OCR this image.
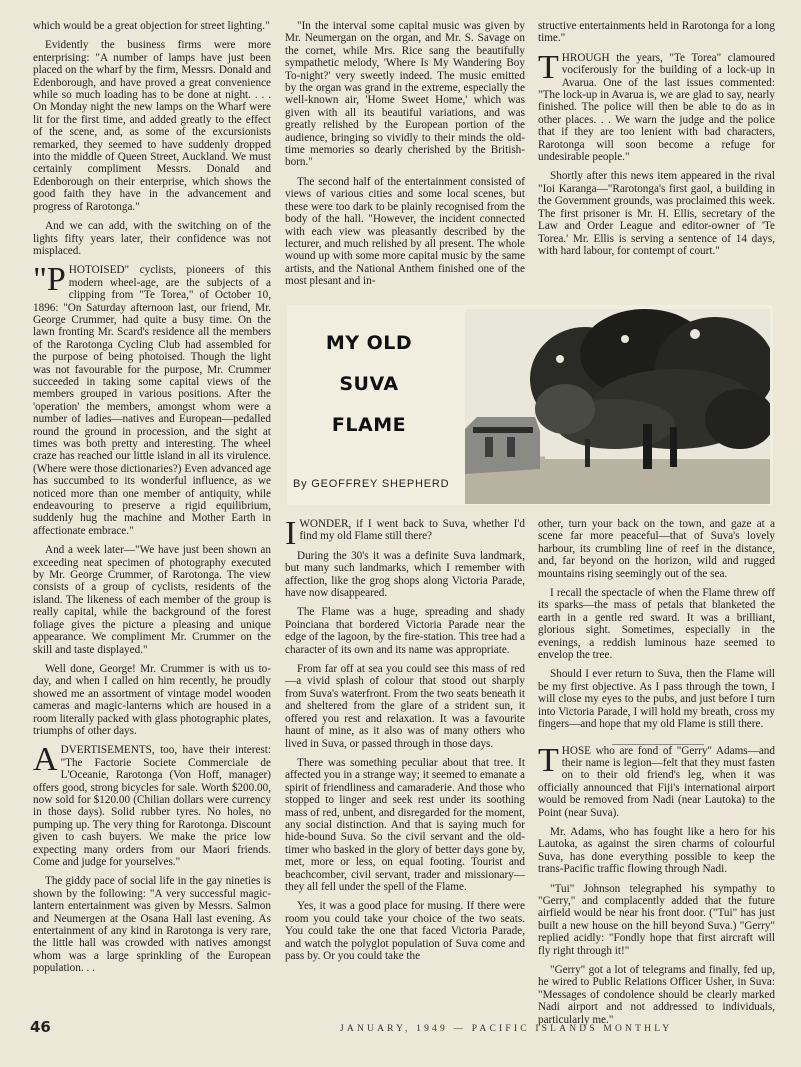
which would be a great objection for street lighting."

Evidently the business firms were more enterprising: "A number of lamps have just been placed on the wharf by the firm, Messrs. Donald and Edenborough, and have proved a great convenience while so much loading has to be done at night. . . . On Monday night the new lamps on the Wharf were lit for the first time, and added greatly to the effect of the scene, and, as some of the excursionists remarked, they seemed to have suddenly dropped into the middle of Queen Street, Auckland. We must certainly compliment Messrs. Donald and Edenborough on their enterprise, which shows the good faith they have in the advancement and progress of Rarotonga."

And we can add, with the switching on of the lights fifty years later, their confidence was not misplaced.

"PHOTOISED" cyclists, pioneers of this modern wheel-age, are the subjects of a clipping from "Te Torea," of October 10, 1896: "On Saturday afternoon last, our friend, Mr. George Crummer, had quite a busy time. On the lawn fronting Mr. Scard's residence all the members of the Rarotonga Cycling Club had assembled for the purpose of being photoised. Though the light was not favourable for the purpose, Mr. Crummer succeeded in taking some capital views of the members grouped in various positions. After the 'operation' the members, amongst whom were a number of ladies—natives and European—pedalled round the ground in procession, and the sight at times was both pretty and interesting. The wheel craze has reached our little island in all its virulence. (Where were those dictionaries?) Even advanced age has succumbed to its wonderful influence, as we noticed more than one member of antiquity, while endeavouring to preserve a rigid equilibrium, suddenly hug the machine and Mother Earth in affectionate embrace."

And a week later—"We have just been shown an exceeding neat specimen of photography executed by Mr. George Crummer, of Rarotonga. The view consists of a group of cyclists, residents of the island. The likeness of each member of the group is really capital, while the background of the forest foliage gives the picture a pleasing and unique appearance. We compliment Mr. Crummer on the skill and taste displayed."

Well done, George! Mr. Crummer is with us to-day, and when I called on him recently, he proudly showed me an assortment of vintage model wooden cameras and magic-lanterns which are housed in a room literally packed with glass photographic plates, triumphs of other days.

ADVERTISEMENTS, too, have their interest: "The Factorie Societe Commerciale de L'Oceanie, Rarotonga (Von Hoff, manager) offers good, strong bicycles for sale. Worth $200.00, now sold for $120.00 (Chilian dollars were currency in those days). Solid rubber tyres. No holes, no pumping up. The very thing for Rarotonga. Discount given to cash buyers. We make the price low expecting many orders from our Maori friends. Come and judge for yourselves."

The giddy pace of social life in the gay nineties is shown by the following: "A very successful magic-lantern entertainment was given by Messrs. Salmon and Neumergen at the Osana Hall last evening. As entertainment of any kind in Rarotonga is very rare, the little hall was crowded with natives amongst whom was a large sprinkling of the European population. . .

"In the interval some capital music was given by Mr. Neumergan on the organ, and Mr. S. Savage on the cornet, while Mrs. Rice sang the beautifully sympathetic melody, 'Where Is My Wandering Boy To-night?' very sweetly indeed. The music emitted by the organ was grand in the extreme, especially the well-known air, 'Home Sweet Home,' which was given with all its beautiful variations, and was greatly relished by the European portion of the audience, bringing so vividly to their minds the old-time memories so dearly cherished by the British-born."

The second half of the entertainment consisted of views of various cities and some local scenes, but these were too dark to be plainly recognised from the body of the hall. "However, the incident connected with each view was pleasantly described by the lecturer, and much relished by all present. The whole wound up with some more capital music by the same artists, and the National Anthem finished one of the most plesant and in-

structive entertainments held in Rarotonga for a long time."

THROUGH the years, "Te Torea" clamoured vociferously for the building of a lock-up in Avarua. One of the last issues commented: "The lock-up in Avarua is, we are glad to say, nearly finished. The police will then be able to do as in other places. . . We warn the judge and the police that if they are too lenient with bad characters, Rarotonga will soon become a refuge for undesirable people."

Shortly after this news item appeared in the rival "Ioi Karanga—"Rarotonga's first gaol, a building in the Government grounds, was proclaimed this week. The first prisoner is Mr. H. Ellis, secretary of the Law and Order League and editor-owner of 'Te Torea.' Mr. Ellis is serving a sentence of 14 days, with hard labour, for contempt of court."

MY OLD
SUVA
FLAME
By GEOFFREY SHEPHERD

I WONDER, if I went back to Suva, whether I'd find my old Flame still there?

During the 30's it was a definite Suva landmark, but many such landmarks, which I remember with affection, like the grog shops along Victoria Parade, have now disappeared.

The Flame was a huge, spreading and shady Poinciana that bordered Victoria Parade near the edge of the lagoon, by the fire-station. This tree had a character of its own and its name was appropriate.

From far off at sea you could see this mass of red—a vivid splash of colour that stood out sharply from Suva's waterfront. From the two seats beneath it and sheltered from the glare of a strident sun, it offered you rest and relaxation. It was a favourite haunt of mine, as it also was of many others who lived in Suva, or passed through in those days.

There was something peculiar about that tree. It affected you in a strange way; it seemed to emanate a spirit of friendliness and camaraderie. And those who stopped to linger and seek rest under its soothing mass of red, unbent, and disregarded for the moment, any social distinction. And that is saying much for hide-bound Suva. So the civil servant and the old-timer who basked in the glory of better days gone by, met, more or less, on equal footing. Tourist and beachcomber, civil servant, trader and missionary—they all fell under the spell of the Flame.

Yes, it was a good place for musing. If there were room you could take your choice of the two seats. You could take the one that faced Victoria Parade, and watch the polyglot population of Suva come and pass by. Or you could take the

other, turn your back on the town, and gaze at a scene far more peaceful—that of Suva's lovely harbour, its crumbling line of reef in the distance, and, far beyond on the horizon, wild and rugged mountains rising seemingly out of the sea.

I recall the spectacle of when the Flame threw off its sparks—the mass of petals that blanketed the earth in a gentle red sward. It was a brilliant, glorious sight. Sometimes, especially in the evenings, a reddish luminous haze seemed to envelop the tree.

Should I ever return to Suva, then the Flame will be my first objective. As I pass through the town, I will close my eyes to the pubs, and just before I turn into Victoria Parade, I will hold my breath, cross my fingers—and hope that my old Flame is still there.

THOSE who are fond of "Gerry" Adams—and their name is legion—felt that they must fasten on to their old friend's leg, when it was officially announced that Fiji's international airport would be removed from Nadi (near Lautoka) to the Point (near Suva).

Mr. Adams, who has fought like a hero for his Lautoka, as against the siren charms of colourful Suva, has done everything possible to keep the trans-Pacific traffic flowing through Nadi.

"Tui" Johnson telegraphed his sympathy to "Gerry," and complacently added that the future airfield would be near his front door. ("Tui" has just built a new house on the hill beyond Suva.) "Gerry" replied acidly: "Fondly hope that first aircraft will fly right through it!"

"Gerry" got a lot of telegrams and finally, fed up, he wired to Public Relations Officer Usher, in Suva: "Messages of condolence should be clearly marked Nadi airport and not addressed to individuals, particularly me."

46	JANUARY, 1949 — PACIFIC ISLANDS MONTHLY
